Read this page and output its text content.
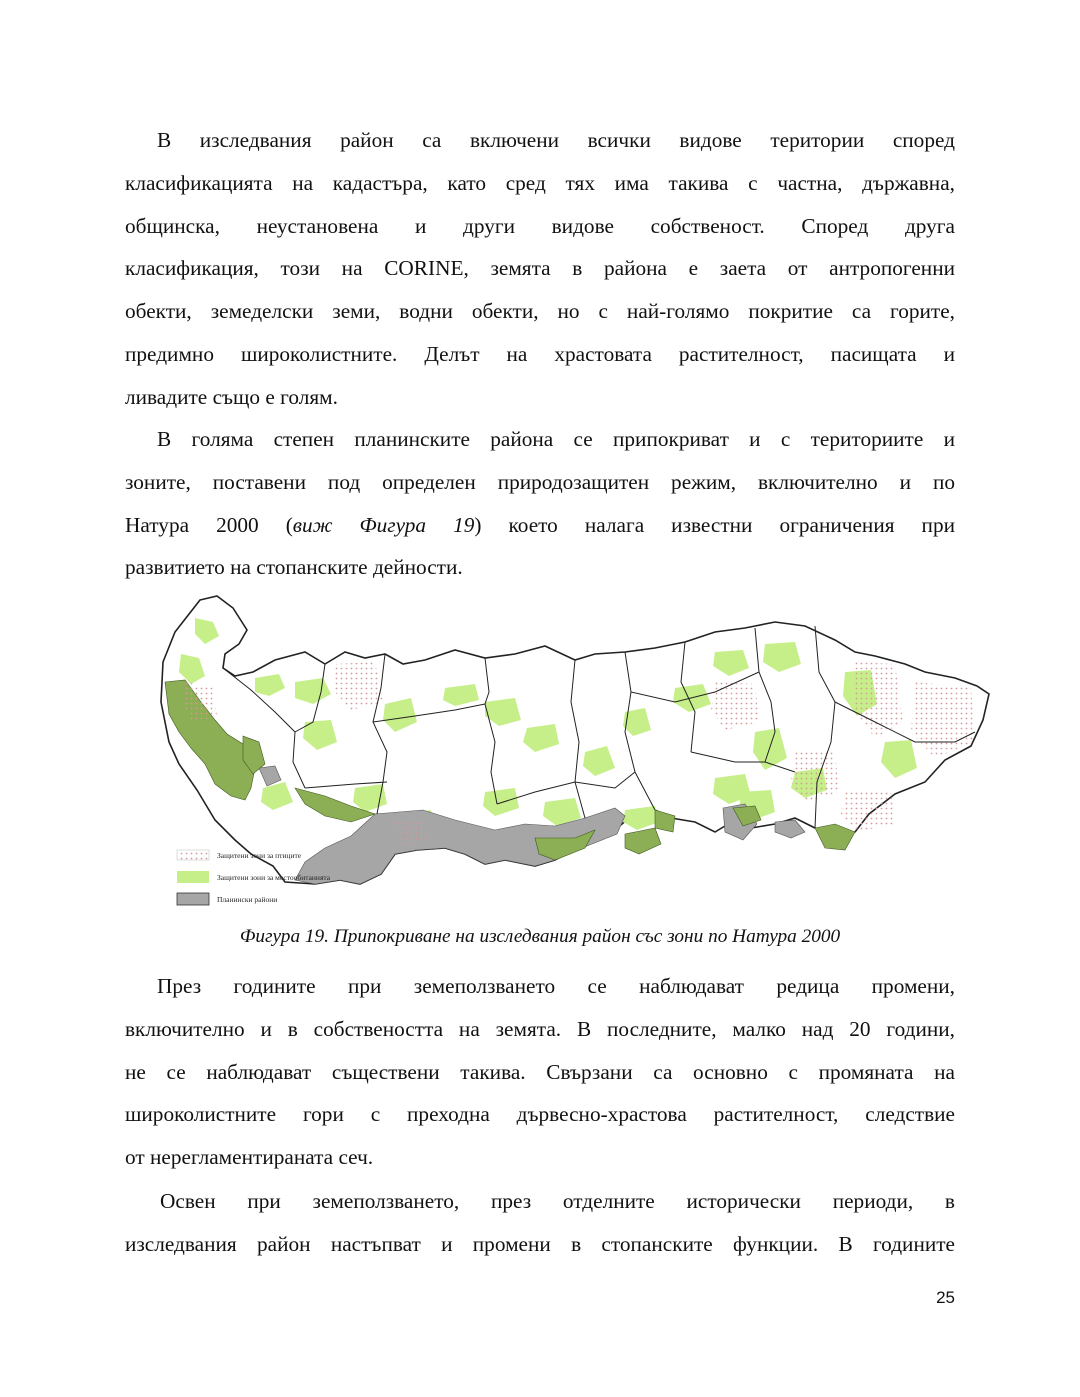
В изследвания район са включени всички видове територии според
класификацията на кадастъра, като сред тях има такива с частна, държавна,
общинска, неустановена и други видове собственост. Според друга
класификация, този на CORINE, земята в района е заета от антропогенни
обекти, земеделски земи, водни обекти, но с най-голямо покритие са горите,
предимно широколистните. Делът на храстовата растителност, пасищата и
ливадите също е голям.
В голяма степен планинските района се припокриват и с териториите и
зоните, поставени под определен природозащитен режим, включително и по
Натура 2000 (виж Фигура 19) което налага известни ограничения при
развитието на стопанските дейности.
Защитени зони за птиците
Защитени зони за местообитанията
Планински райони
Фигура 19. Припокриване на изследвания район със зони по Натура 2000
През годините при земеползването се наблюдават редица промени,
включително и в собствеността на земята. В последните, малко над 20 години,
не се наблюдават съществени такива. Свързани са основно с промяната на
широколистните гори с преходна дървесно-храстова растителност, следствие
от нерегламентираната сеч.
Освен при земеползването, през отделните исторически периоди, в
изследвания район настъпват и промени в стопанските функции. В годините
25
